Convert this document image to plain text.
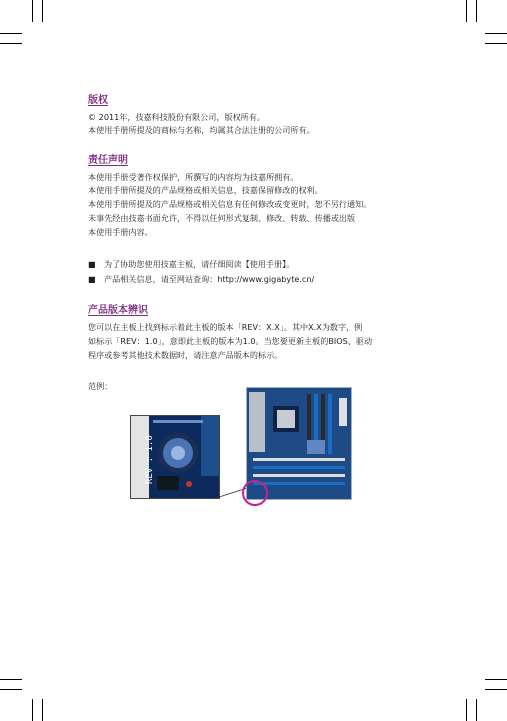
版权

© 2011年，技嘉科技股份有限公司，版权所有。

本使用手册所提及的商标与名称，均属其合法注册的公司所有。

责任声明

本使用手册受著作权保护，所撰写的内容均为技嘉所拥有。

本使用手册所提及的产品规格或相关信息，技嘉保留修改的权利。

本使用手册所提及的产品规格或相关信息有任何修改或变更时，恕不另行通知。

未事先经由技嘉书面允许，不得以任何形式复制、修改、转载、传播或出版

本使用手册内容。

■ 为了协助您使用技嘉主板，请仔细阅读【使用手册】。

■ 产品相关信息，请至网站查询：http://www.gigabyte.cn/

产品版本辨识

您可以在主板上找到标示着此主板的版本「REV：X.X」。其中X.X为数字，例

如标示「REV：1.0」，意即此主板的版本为1.0。当您要更新主板的BIOS、驱动

程序或参考其他技术数据时，请注意产品版本的标示。

范例：

REV : 1.0
